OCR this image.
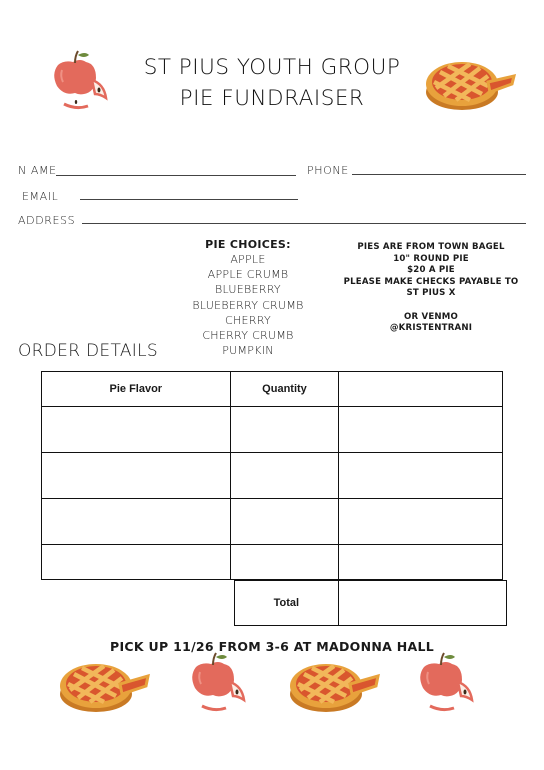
ST PIUS YOUTH GROUP
PIE FUNDRAISER
N AME	PHONE
EMAIL
ADDRESS
PIE CHOICES:
APPLE
APPLE CRUMB
BLUEBERRY
BLUEBERRY CRUMB
CHERRY
CHERRY CRUMB
PUMPKIN
PIES ARE FROM TOWN BAGEL
10" ROUND PIE
$20 A PIE
PLEASE MAKE CHECKS PAYABLE TO
ST PIUS X
OR VENMO
@KRISTENTRANI
ORDER DETAILS
Pie Flavor	Quantity	

Total	
PICK UP 11/26 FROM 3-6 AT MADONNA HALL
